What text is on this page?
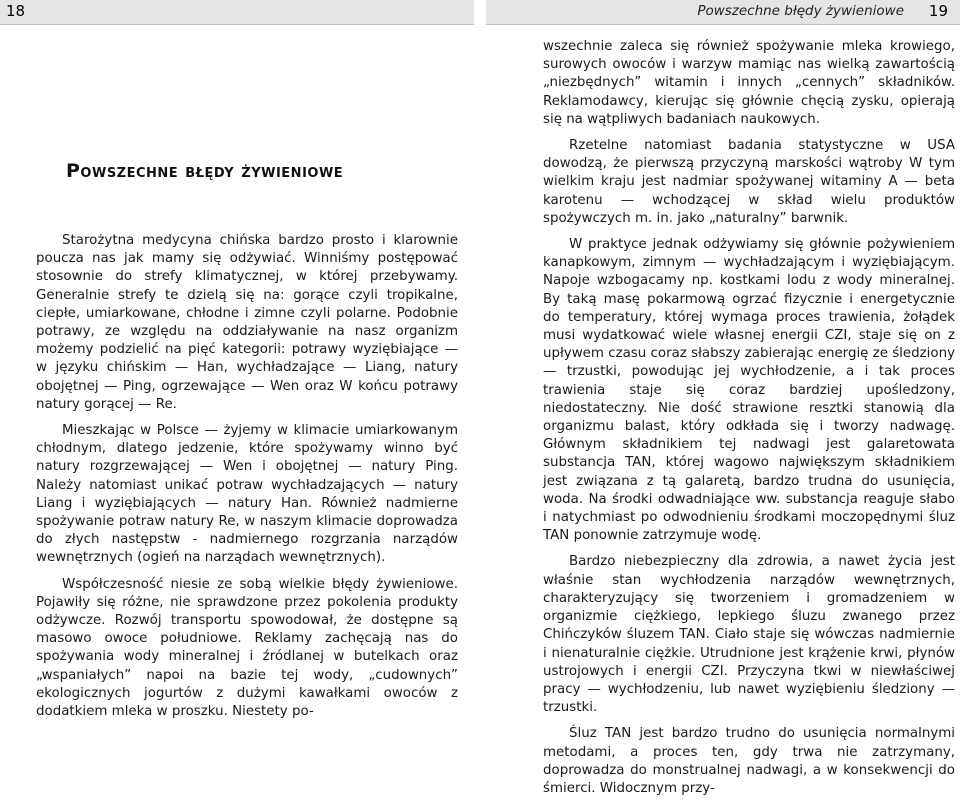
18
Powszechne błędy żywieniowe

Starożytna medycyna chińska bardzo prosto i klarownie poucza nas jak mamy się odżywiać. Winniśmy postępować stosownie do strefy klimatycznej, w której przebywamy. Generalnie strefy te dzielą się na: gorące czyli tropikalne, ciepłe, umiarkowane, chłodne i zimne czyli polarne. Podobnie potrawy, ze względu na oddziaływanie na nasz organizm możemy podzielić na pięć kategorii: potrawy wyziębiające — w języku chińskim — Han, wychładzające — Liang, natury obojętnej — Ping, ogrzewające — Wen oraz W końcu potrawy natury gorącej — Re.

Mieszkając w Polsce — żyjemy w klimacie umiarkowanym chłodnym, dlatego jedzenie, które spożywamy winno być natury rozgrzewającej — Wen i obojętnej — natury Ping. Należy natomiast unikać potraw wychładzających — natury Liang i wyziębiających — natury Han. Również nadmierne spożywanie potraw natury Re, w naszym klimacie doprowadza do złych następstw - nadmiernego rozgrzania narządów wewnętrznych (ogień na narządach wewnętrznych).

Współczesność niesie ze sobą wielkie błędy żywieniowe. Pojawiły się różne, nie sprawdzone przez pokolenia produkty odżywcze. Rozwój transportu spowodował, że dostępne są masowo owoce południowe. Reklamy zachęcają nas do spożywania wody mineralnej i źródlanej w butelkach oraz „wspaniałych” napoi na bazie tej wody, „cudownych” ekologicznych jogurtów z dużymi kawałkami owoców z dodatkiem mleka w proszku. Niestety po-

Powszechne błędy żywieniowe 19

wszechnie zaleca się również spożywanie mleka krowiego, surowych owoców i warzyw mamiąc nas wielką zawartością „niezbędnych” witamin i innych „cennych” składników. Reklamodawcy, kierując się głównie chęcią zysku, opierają się na wątpliwych badaniach naukowych.

Rzetelne natomiast badania statystyczne w USA dowodzą, że pierwszą przyczyną marskości wątroby W tym wielkim kraju jest nadmiar spożywanej witaminy A — beta karotenu — wchodzącej w skład wielu produktów spożywczych m. in. jako „naturalny” barwnik.

W praktyce jednak odżywiamy się głównie pożywieniem kanapkowym, zimnym — wychładzającym i wyziębiającym. Napoje wzbogacamy np. kostkami lodu z wody mineralnej. By taką masę pokarmową ogrzać fizycznie i energetycznie do temperatury, której wymaga proces trawienia, żołądek musi wydatkować wiele własnej energii CZI, staje się on z upływem czasu coraz słabszy zabierając energię ze śledziony — trzustki, powodując jej wychłodzenie, a i tak proces trawienia staje się coraz bardziej upośledzony, niedostateczny. Nie dość strawione resztki stanowią dla organizmu balast, który odkłada się i tworzy nadwagę. Głównym składnikiem tej nadwagi jest galaretowata substancja TAN, której wagowo największym składnikiem jest związana z tą galaretą, bardzo trudna do usunięcia, woda. Na środki odwadniające ww. substancja reaguje słabo i natychmiast po odwodnieniu środkami moczopędnymi śluz TAN ponownie zatrzymuje wodę.

Bardzo niebezpieczny dla zdrowia, a nawet życia jest właśnie stan wychłodzenia narządów wewnętrznych, charakteryzujący się tworzeniem i gromadzeniem w organizmie ciężkiego, lepkiego śluzu zwanego przez Chińczyków śluzem TAN. Ciało staje się wówczas nadmiernie i nienaturalnie ciężkie. Utrudnione jest krążenie krwi, płynów ustrojowych i energii CZI. Przyczyna tkwi w niewłaściwej pracy — wychłodzeniu, lub nawet wyziębieniu śledziony — trzustki.

Śluz TAN jest bardzo trudno do usunięcia normalnymi metodami, a proces ten, gdy trwa nie zatrzymany, doprowadza do monstrualnej nadwagi, a w konsekwencji do śmierci. Widocznym przy-
